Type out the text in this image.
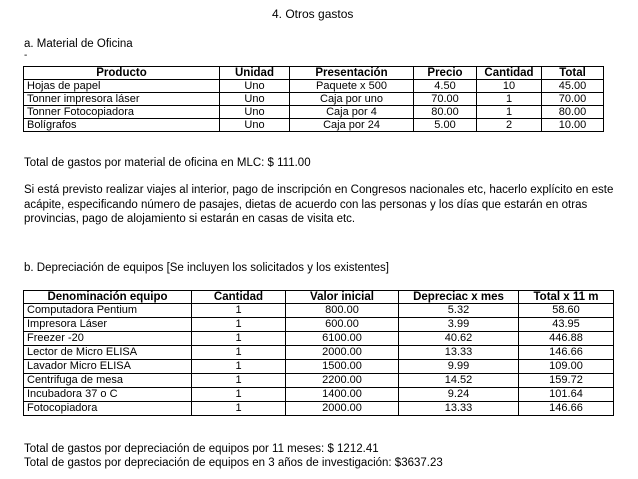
4. Otros gastos
a. Material de Oficina
-
Producto	Unidad	Presentación	Precio	Cantidad	Total
Hojas de papel	Uno	Paquete x 500	4.50	10	45.00
Tonner impresora láser	Uno	Caja por uno	70.00	1	70.00
Tonner Fotocopiadora	Uno	Caja por 4	80.00	1	80.00
Bolígrafos	Uno	Caja por 24	5.00	2	10.00
Total de gastos por material de oficina en MLC: $ 111.00
Si está previsto realizar viajes al interior, pago de inscripción en Congresos nacionales etc, hacerlo explícito en este acápite, especificando número de pasajes, dietas de acuerdo con las personas y los días que estarán en otras provincias, pago de alojamiento si estarán en casas de visita etc.
b. Depreciación de equipos [Se incluyen los solicitados y los existentes]
Denominación equipo	Cantidad	Valor inicial	Depreciac x mes	Total x 11 m
Computadora Pentium	1	800.00	5.32	58.60
Impresora Láser	1	600.00	3.99	43.95
Freezer -20	1	6100.00	40.62	446.88
Lector de Micro ELISA	1	2000.00	13.33	146.66
Lavador Micro ELISA	1	1500.00	9.99	109.00
Centrifuga de mesa	1	2200.00	14.52	159.72
Incubadora 37 o C	1	1400.00	9.24	101.64
Fotocopiadora	1	2000.00	13.33	146.66
Total de gastos por depreciación de equipos por 11 meses: $ 1212.41
Total de gastos por depreciación de equipos en 3 años de investigación: $3637.23
